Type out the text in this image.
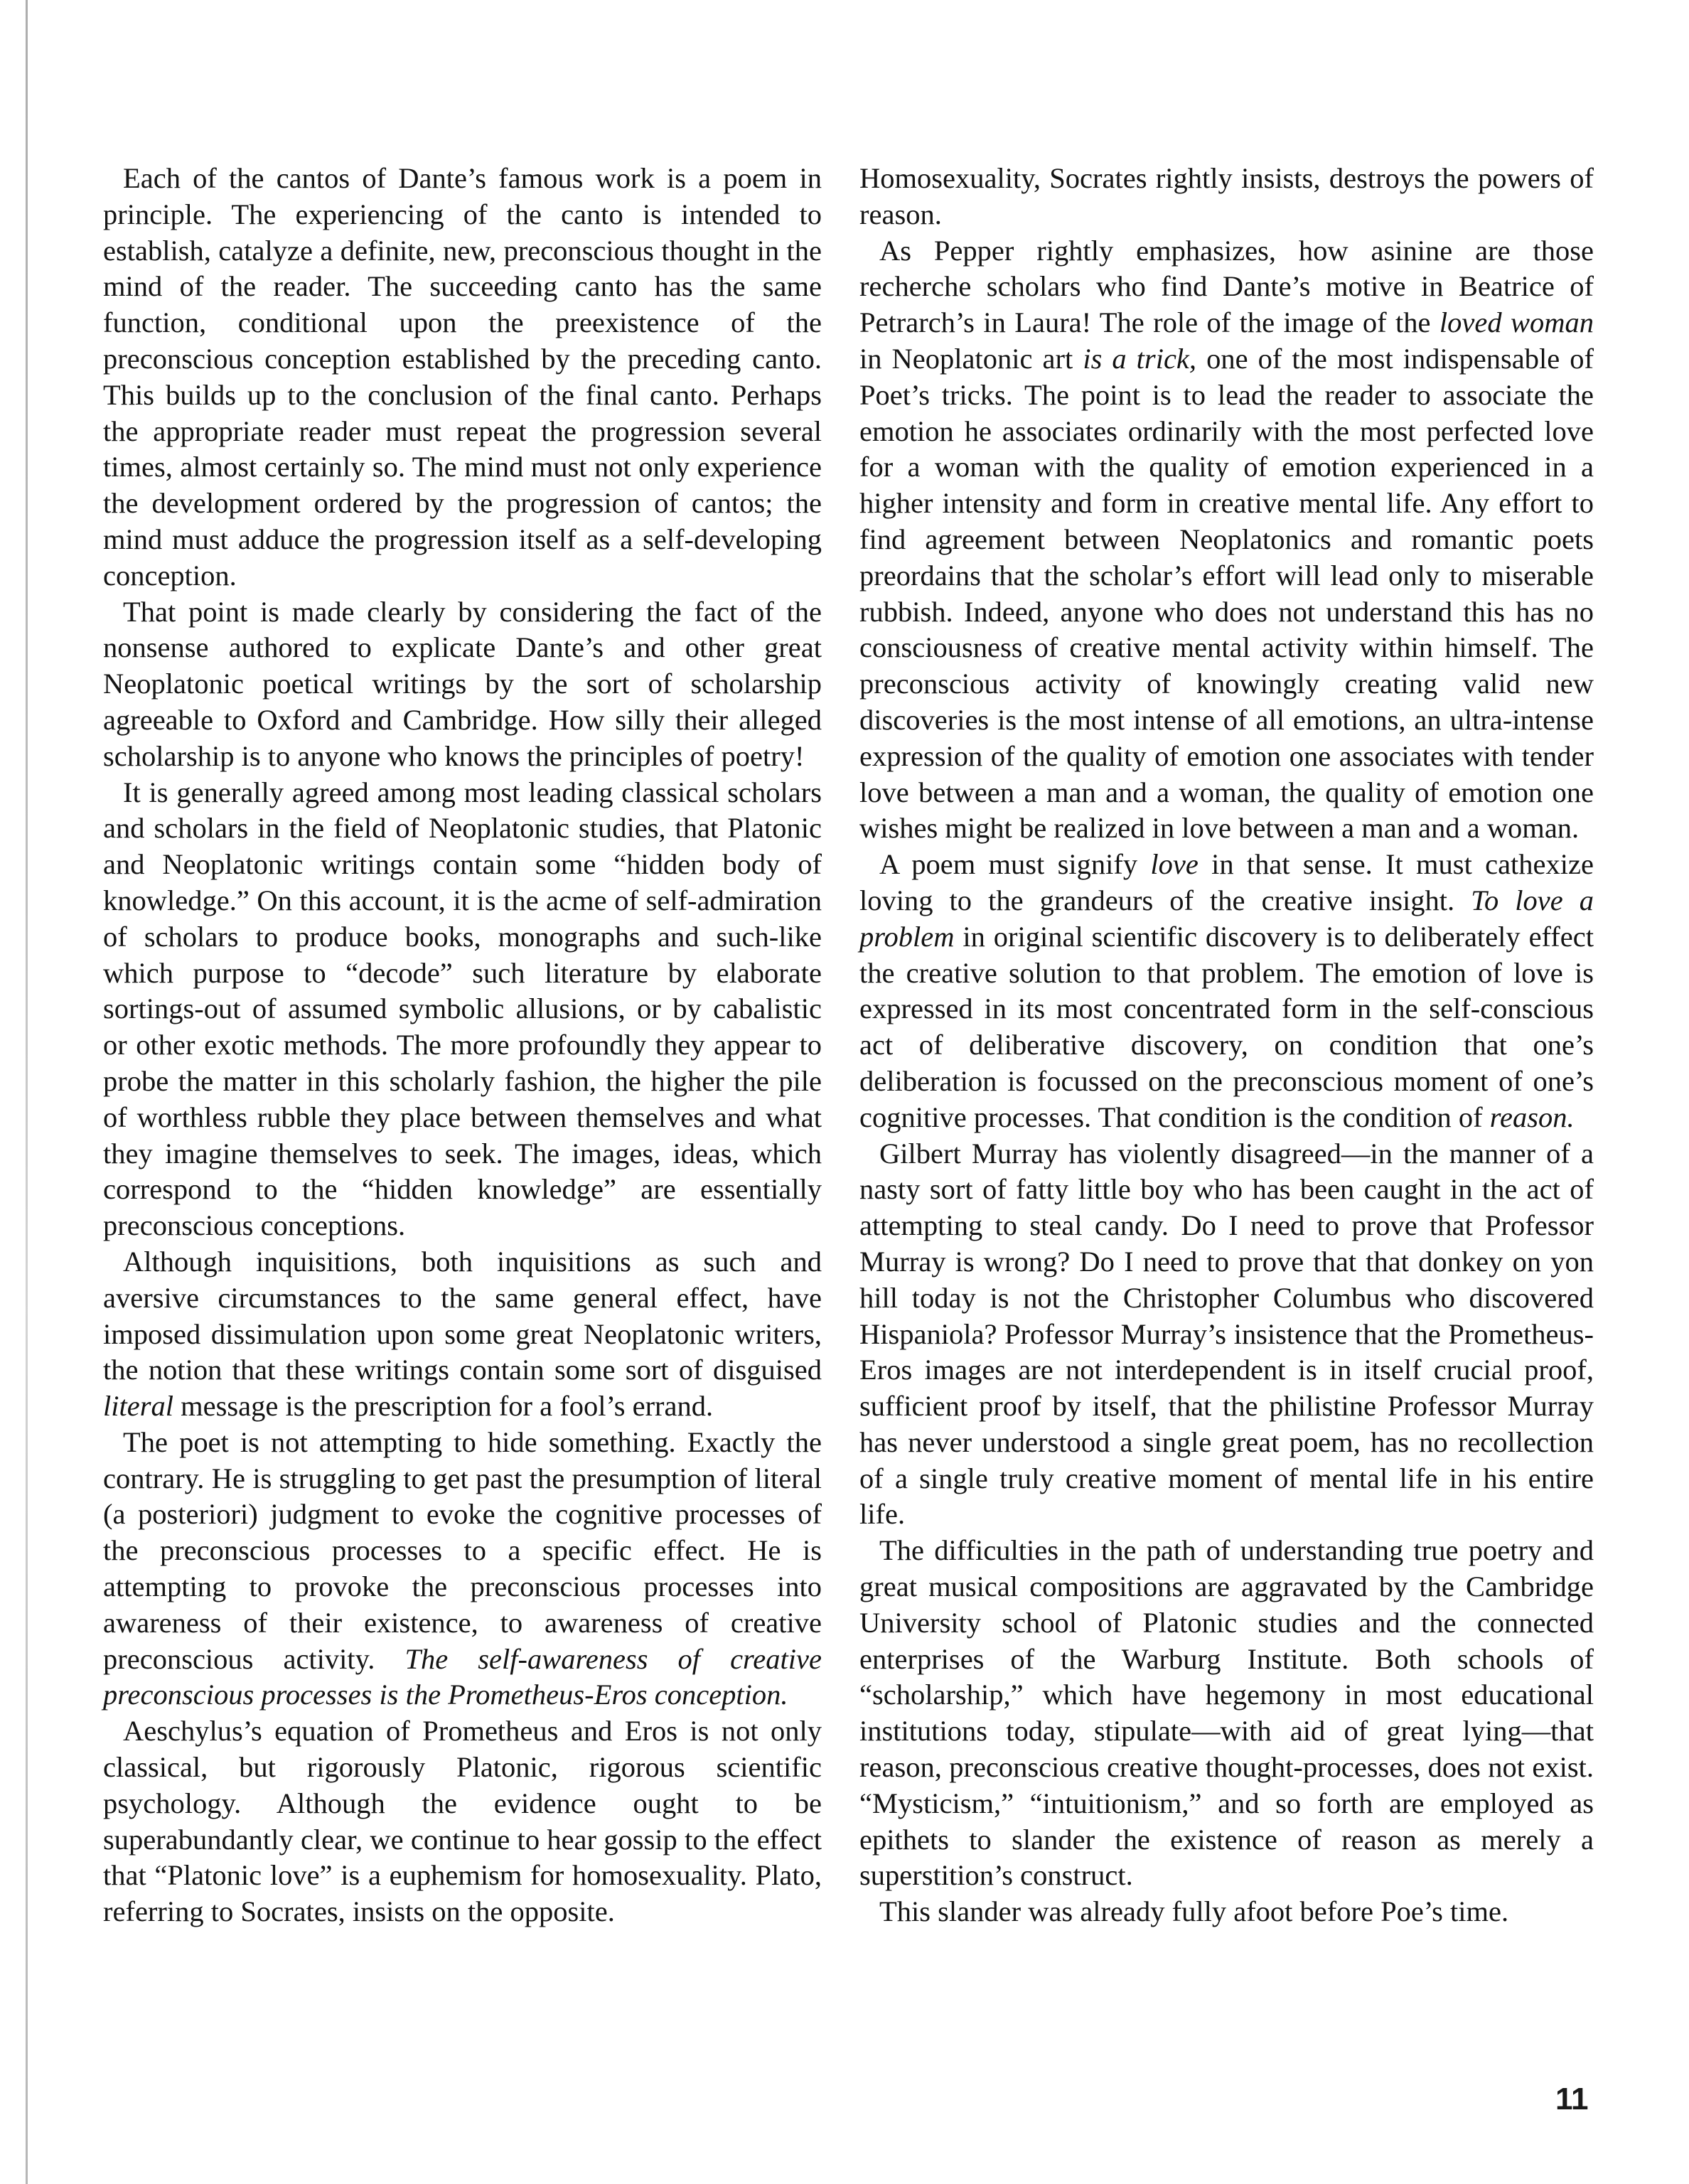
Each of the cantos of Dante’s famous work is a poem in principle. The experiencing of the canto is intended to establish, catalyze a definite, new, preconscious thought in the mind of the reader. The succeeding canto has the same function, conditional upon the preexistence of the preconscious conception established by the preceding canto. This builds up to the conclusion of the final canto. Perhaps the appropriate reader must repeat the progression several times, almost certainly so. The mind must not only experience the development ordered by the progression of cantos; the mind must adduce the progression itself as a self-developing conception.

That point is made clearly by considering the fact of the nonsense authored to explicate Dante’s and other great Neoplatonic poetical writings by the sort of scholarship agreeable to Oxford and Cambridge. How silly their alleged scholarship is to anyone who knows the principles of poetry!

It is generally agreed among most leading classical scholars and scholars in the field of Neoplatonic studies, that Platonic and Neoplatonic writings contain some “hidden body of knowledge.” On this account, it is the acme of self-admiration of scholars to produce books, monographs and such-like which purpose to “decode” such literature by elaborate sortings-out of assumed symbolic allusions, or by cabalistic or other exotic methods. The more profoundly they appear to probe the matter in this scholarly fashion, the higher the pile of worthless rubble they place between themselves and what they imagine themselves to seek. The images, ideas, which correspond to the “hidden knowledge” are essentially preconscious conceptions.

Although inquisitions, both inquisitions as such and aversive circumstances to the same general effect, have imposed dissimulation upon some great Neoplatonic writers, the notion that these writings contain some sort of disguised literal message is the prescription for a fool’s errand.

The poet is not attempting to hide something. Exactly the contrary. He is struggling to get past the presumption of literal (a posteriori) judgment to evoke the cognitive processes of the preconscious processes to a specific effect. He is attempting to provoke the preconscious processes into awareness of their existence, to awareness of creative preconscious activity. The self-awareness of creative preconscious processes is the Prometheus-Eros conception.

Aeschylus’s equation of Prometheus and Eros is not only classical, but rigorously Platonic, rigorous scientific psychology. Although the evidence ought to be superabundantly clear, we continue to hear gossip to the effect that “Platonic love” is a euphemism for homosexuality. Plato, referring to Socrates, insists on the opposite.

Homosexuality, Socrates rightly insists, destroys the powers of reason.

As Pepper rightly emphasizes, how asinine are those recherche scholars who find Dante’s motive in Beatrice of Petrarch’s in Laura! The role of the image of the loved woman in Neoplatonic art is a trick, one of the most indispensable of Poet’s tricks. The point is to lead the reader to associate the emotion he associates ordinarily with the most perfected love for a woman with the quality of emotion experienced in a higher intensity and form in creative mental life. Any effort to find agreement between Neoplatonics and romantic poets preordains that the scholar’s effort will lead only to miserable rubbish. Indeed, anyone who does not understand this has no consciousness of creative mental activity within himself. The preconscious activity of knowingly creating valid new discoveries is the most intense of all emotions, an ultra-intense expression of the quality of emotion one associates with tender love between a man and a woman, the quality of emotion one wishes might be realized in love between a man and a woman.

A poem must signify love in that sense. It must cathexize loving to the grandeurs of the creative insight. To love a problem in original scientific discovery is to deliberately effect the creative solution to that problem. The emotion of love is expressed in its most concentrated form in the self-conscious act of deliberative discovery, on condition that one’s deliberation is focussed on the preconscious moment of one’s cognitive processes. That condition is the condition of reason.

Gilbert Murray has violently disagreed—in the manner of a nasty sort of fatty little boy who has been caught in the act of attempting to steal candy. Do I need to prove that Professor Murray is wrong? Do I need to prove that that donkey on yon hill today is not the Christopher Columbus who discovered Hispaniola? Professor Murray’s insistence that the Prometheus-Eros images are not interdependent is in itself crucial proof, sufficient proof by itself, that the philistine Professor Murray has never understood a single great poem, has no recollection of a single truly creative moment of mental life in his entire life.

The difficulties in the path of understanding true poetry and great musical compositions are aggravated by the Cambridge University school of Platonic studies and the connected enterprises of the Warburg Institute. Both schools of “scholarship,” which have hegemony in most educational institutions today, stipulate—with aid of great lying—that reason, preconscious creative thought-processes, does not exist. “Mysticism,” “intuitionism,” and so forth are employed as epithets to slander the existence of reason as merely a superstition’s construct.

This slander was already fully afoot before Poe’s time.

11
